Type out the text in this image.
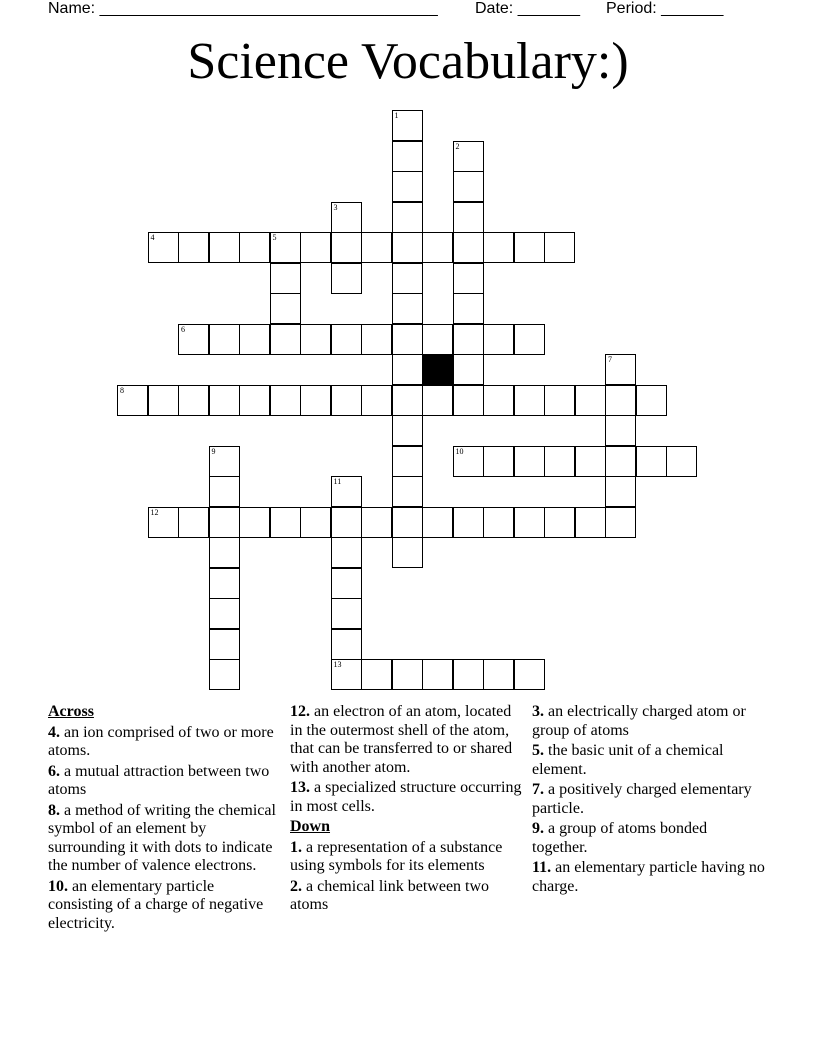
Name: ______________________________________ Date: _______ Period: _______
Science Vocabulary:)
1
2
3
4	5
6
7
8
9	10
11
13
12
Across
4. an ion comprised of two or more atoms.
6. a mutual attraction between two atoms
8. a method of writing the chemical symbol of an element by surrounding it with dots to indicate the number of valence electrons.
10. an elementary particle consisting of a charge of negative electricity.
12. an electron of an atom, located in the outermost shell of the atom, that can be transferred to or shared with another atom.
13. a specialized structure occurring in most cells.
Down
1. a representation of a substance using symbols for its elements
2. a chemical link between two atoms
3. an electrically charged atom or group of atoms
5. the basic unit of a chemical element.
7. a positively charged elementary particle.
9. a group of atoms bonded together.
11. an elementary particle having no charge.
